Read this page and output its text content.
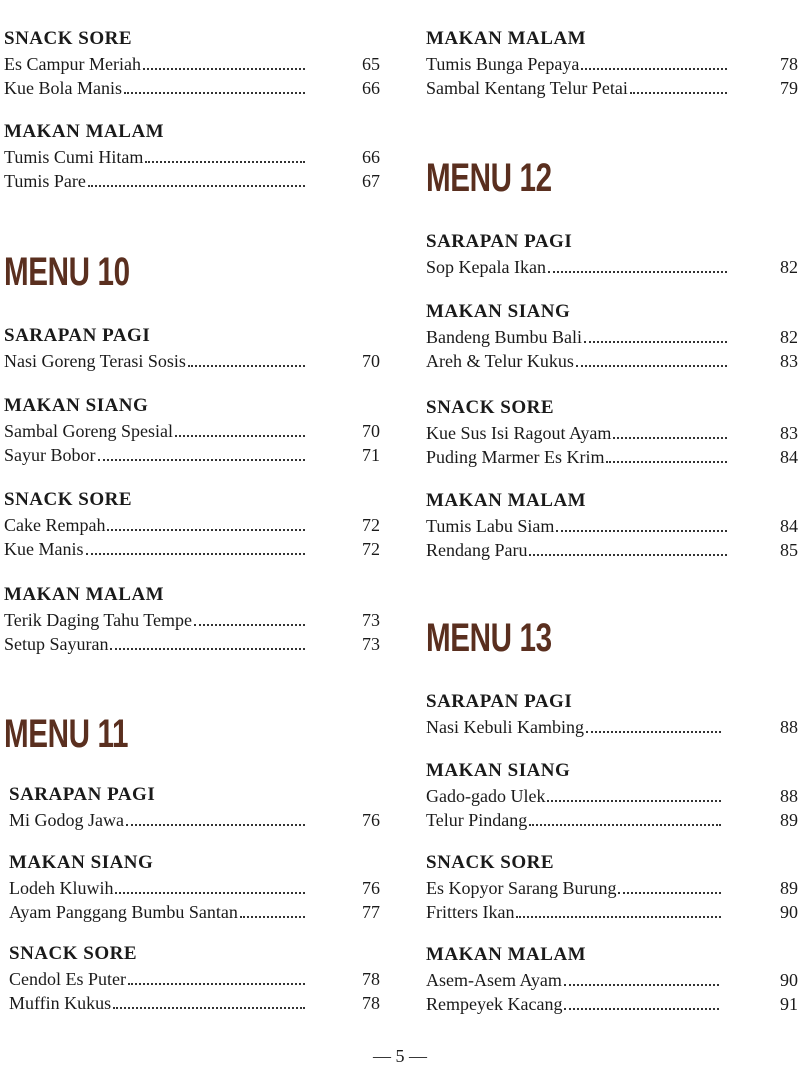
SNACK SORE
Es Campur Meriah	65
Kue Bola Manis	66
MAKAN MALAM
Tumis Cumi Hitam	66
Tumis Pare	67
MENU 10
SARAPAN PAGI
Nasi Goreng Terasi Sosis	70
MAKAN SIANG
Sambal Goreng Spesial	70
Sayur Bobor	71
SNACK SORE
Cake Rempah	72
Kue Manis	72
MAKAN MALAM
Terik Daging Tahu Tempe	73
Setup Sayuran	73
MENU 11
SARAPAN PAGI
Mi Godog Jawa	76
MAKAN SIANG
Lodeh Kluwih	76
Ayam Panggang Bumbu Santan	77
SNACK SORE
Cendol Es Puter	78
Muffin Kukus	78
MAKAN MALAM
Tumis Bunga Pepaya	78
Sambal Kentang Telur Petai	79
MENU 12
SARAPAN PAGI
Sop Kepala Ikan	82
MAKAN SIANG
Bandeng Bumbu Bali	82
Areh & Telur Kukus	83
SNACK SORE
Kue Sus Isi Ragout Ayam	83
Puding Marmer Es Krim	84
MAKAN MALAM
Tumis Labu Siam	84
Rendang Paru	85
MENU 13
SARAPAN PAGI
Nasi Kebuli Kambing	88
MAKAN SIANG
Gado-gado Ulek	88
Telur Pindang	89
SNACK SORE
Es Kopyor Sarang Burung	89
Fritters Ikan	90
MAKAN MALAM
Asem-Asem Ayam	90
Rempeyek Kacang	91
— 5 —
